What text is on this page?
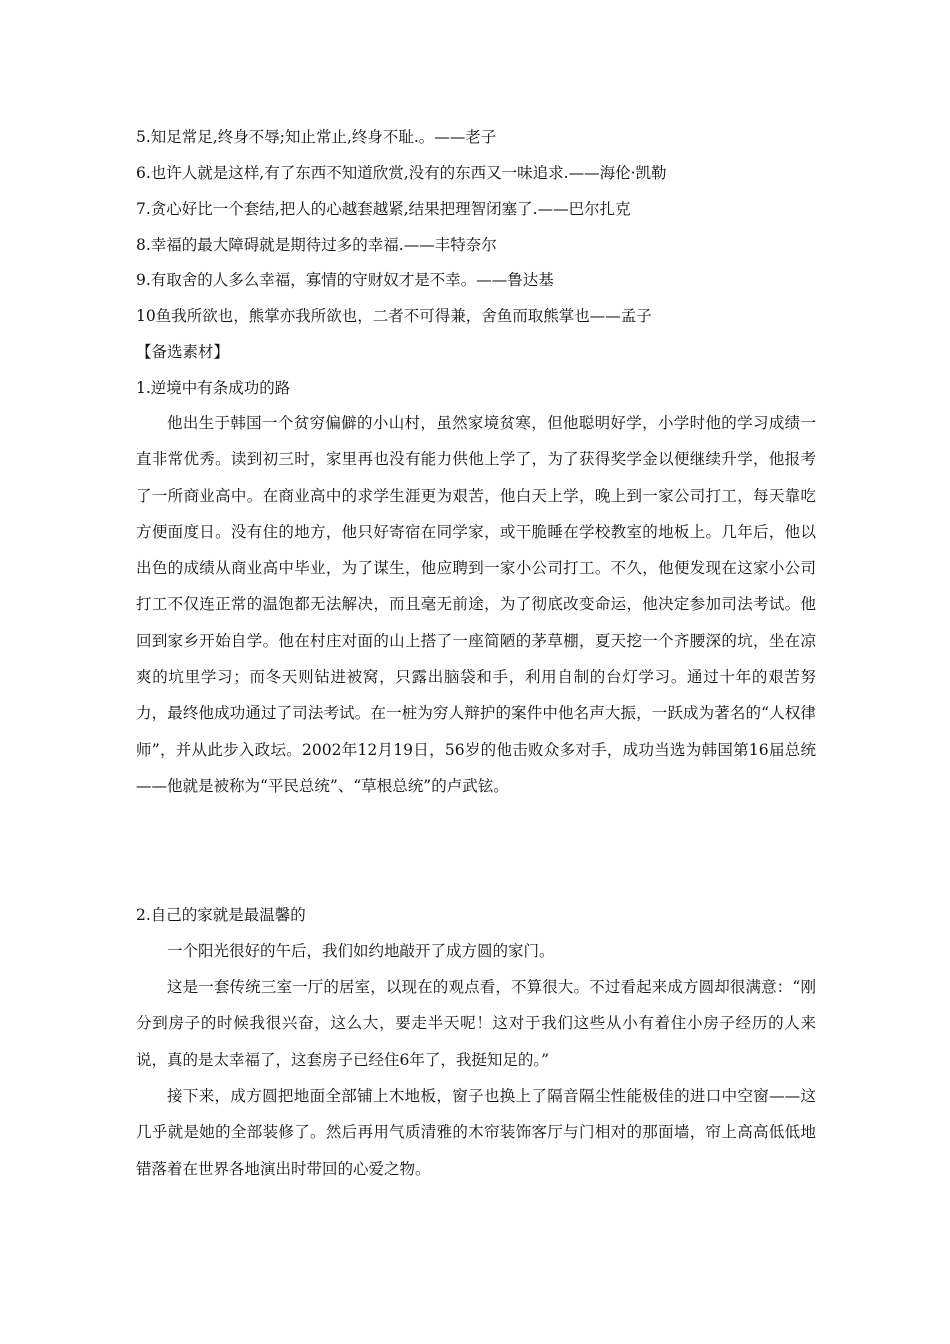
5.知足常足,终身不辱;知止常止,终身不耻.。——老子
6.也许人就是这样,有了东西不知道欣赏,没有的东西又一味追求.——海伦·凯勒
7.贪心好比一个套结,把人的心越套越紧,结果把理智闭塞了.——巴尔扎克
8.幸福的最大障碍就是期待过多的幸福.——丰特奈尔
9.有取舍的人多么幸福，寡情的守财奴才是不幸。——鲁达基
10鱼我所欲也，熊掌亦我所欲也，二者不可得兼，舍鱼而取熊掌也——孟子
【备选素材】
1.逆境中有条成功的路
他出生于韩国一个贫穷偏僻的小山村，虽然家境贫寒，但他聪明好学，小学时他的学习成绩一直非常优秀。读到初三时，家里再也没有能力供他上学了，为了获得奖学金以便继续升学，他报考了一所商业高中。在商业高中的求学生涯更为艰苦，他白天上学，晚上到一家公司打工，每天靠吃方便面度日。没有住的地方，他只好寄宿在同学家，或干脆睡在学校教室的地板上。几年后，他以出色的成绩从商业高中毕业，为了谋生，他应聘到一家小公司打工。不久，他便发现在这家小公司打工不仅连正常的温饱都无法解决，而且毫无前途，为了彻底改变命运，他决定参加司法考试。他回到家乡开始自学。他在村庄对面的山上搭了一座简陋的茅草棚，夏天挖一个齐腰深的坑，坐在凉爽的坑里学习；而冬天则钻进被窝，只露出脑袋和手，利用自制的台灯学习。通过十年的艰苦努力，最终他成功通过了司法考试。在一桩为穷人辩护的案件中他名声大振，一跃成为著名的“人权律师”，并从此步入政坛。2002年12月19日，56岁的他击败众多对手，成功当选为韩国第16届总统——他就是被称为“平民总统”、“草根总统”的卢武铉。
2.自己的家就是最温馨的
一个阳光很好的午后，我们如约地敲开了成方圆的家门。
这是一套传统三室一厅的居室，以现在的观点看，不算很大。不过看起来成方圆却很满意：“刚分到房子的时候我很兴奋，这么大，要走半天呢！这对于我们这些从小有着住小房子经历的人来说，真的是太幸福了，这套房子已经住6年了，我挺知足的。”
接下来，成方圆把地面全部铺上木地板，窗子也换上了隔音隔尘性能极佳的进口中空窗——这几乎就是她的全部装修了。然后再用气质清雅的木帘装饰客厅与门相对的那面墙，帘上高高低低地错落着在世界各地演出时带回的心爱之物。
